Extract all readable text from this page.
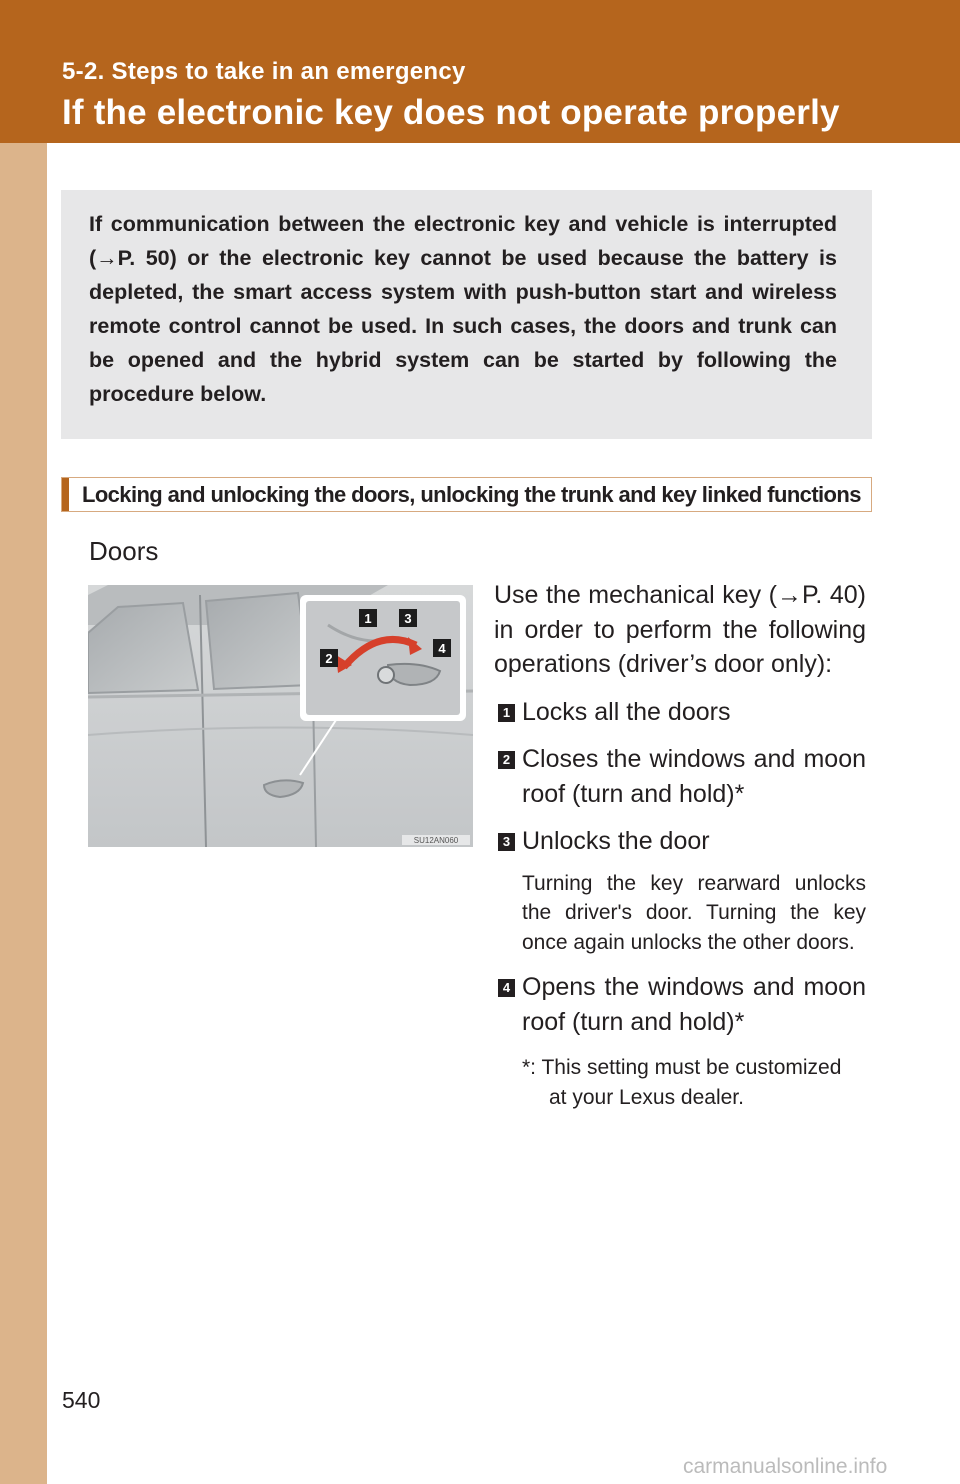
5-2. Steps to take in an emergency
If the electronic key does not operate properly
If communication between the electronic key and vehicle is interrupted (→P. 50) or the electronic key cannot be used because the battery is depleted, the smart access system with push-button start and wireless remote control cannot be used. In such cases, the doors and trunk can be opened and the hybrid system can be started by following the procedure below.
Locking and unlocking the doors, unlocking the trunk and key linked functions
Doors
1
2
3
4
SU12AN060

Use the mechanical key (→P. 40) in order to perform the following operations (driver’s door only):

1 Locks all the doors
2 Closes the windows and moon roof (turn and hold)*
3 Unlocks the door
Turning the key rearward unlocks the driver's door. Turning the key once again unlocks the other doors.
4 Opens the windows and moon roof (turn and hold)*
*: This setting must be customized
at your Lexus dealer.
540
carmanualsonline.info
